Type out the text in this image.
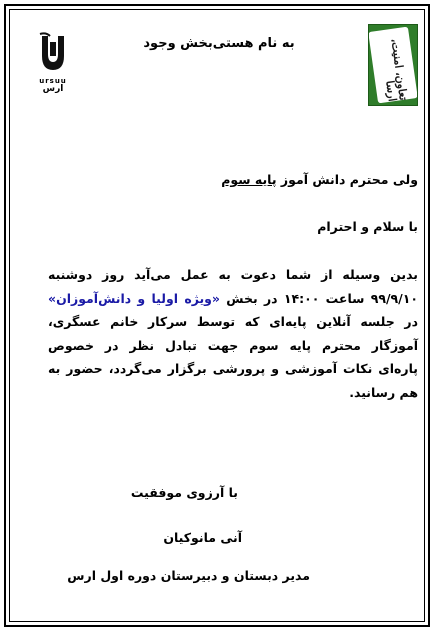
به نام هستی‌بخش وجود	تعاون، امنیت، ارسا
ursuu
ارس
ولی محترم دانش آموز پایه سوم
با سلام و احترام
بدین وسیله از شما دعوت به عمل می‌آید روز دوشنبه
۹۹/۹/۱۰ ساعت ۱۴:۰۰ در بخش «ویژه اولیا و دانش‌آموزان»
در جلسه آنلاین پایه‌ای که توسط سرکار خانم عسگری،
آموزگار محترم پایه سوم جهت تبادل نظر در خصوص
پاره‌ای نکات آموزشی و پرورشی برگزار می‌گردد، حضور به
هم رسانید.
با آرزوی موفقیت
آنی مانوکیان
مدیر دبستان و دبیرستان دوره اول ارس
